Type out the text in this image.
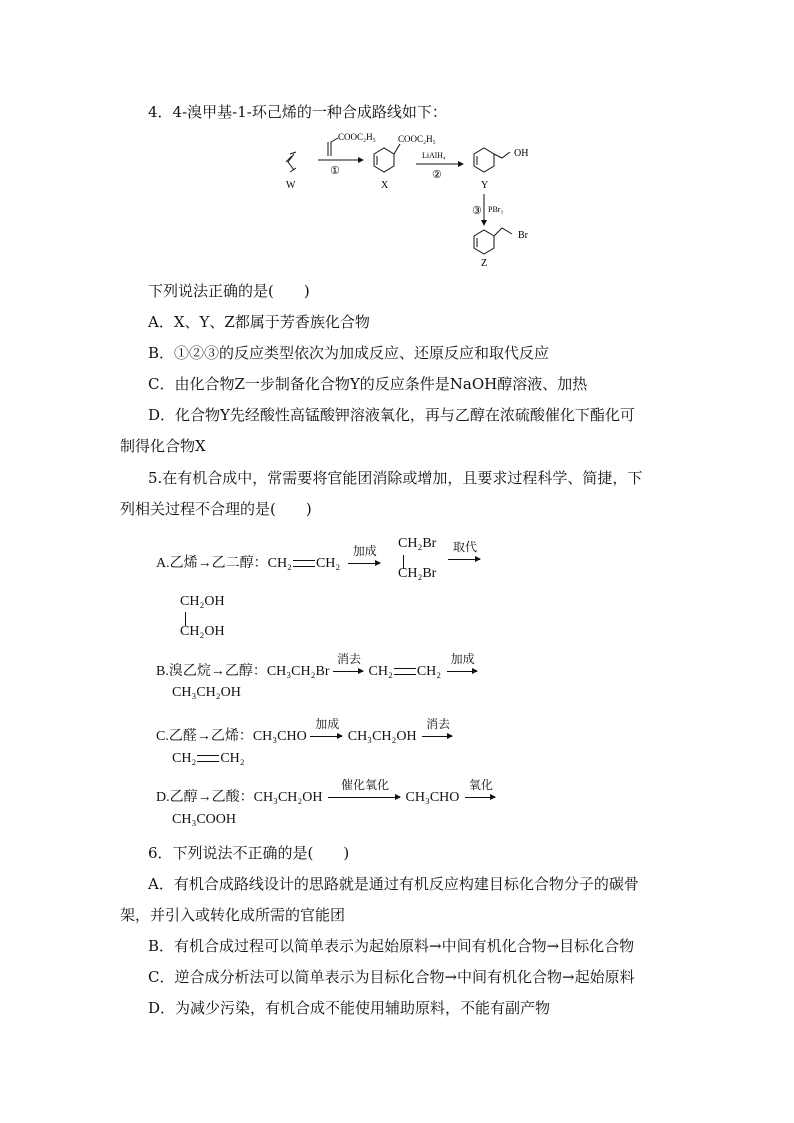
4．4-溴甲基-1-环己烯的一种合成路线如下：
W
COOC₂H₅
①
COOC₂H₅
X
LiAlH₄
②
OH
Y
③ PBr₃
Br
Z
下列说法正确的是(　　)
A．X、Y、Z都属于芳香族化合物
B．①②③的反应类型依次为加成反应、还原反应和取代反应
C．由化合物Z一步制备化合物Y的反应条件是NaOH醇溶液、加热
D．化合物Y先经酸性高锰酸钾溶液氧化，再与乙醇在浓硫酸催化下酯化可
制得化合物X
5.在有机合成中，常需要将官能团消除或增加，且要求过程科学、简捷，下
列相关过程不合理的是(　　)
A.乙烯→乙二醇：CH₂ CH₂
加成	CH₂Br
CH₂Br
取代
CH₂OH
CH₂OH
B.溴乙烷→乙醇：CH₃CH₂Br
消去
CH₂ CH₂
加成
CH₃CH₂OH
C.乙醛→乙烯：CH₃CHO
加成
CH₃CH₂OH
消去
CH₂ CH₂
D.乙醇→乙酸：CH₃CH₂OH
催化氧化
CH₃CHO
氧化
CH₃COOH
6．下列说法不正确的是(　　)
A．有机合成路线设计的思路就是通过有机反应构建目标化合物分子的碳骨
架，并引入或转化成所需的官能团
B．有机合成过程可以简单表示为起始原料→中间有机化合物→目标化合物
C．逆合成分析法可以简单表示为目标化合物→中间有机化合物→起始原料
D．为减少污染，有机合成不能使用辅助原料，不能有副产物
